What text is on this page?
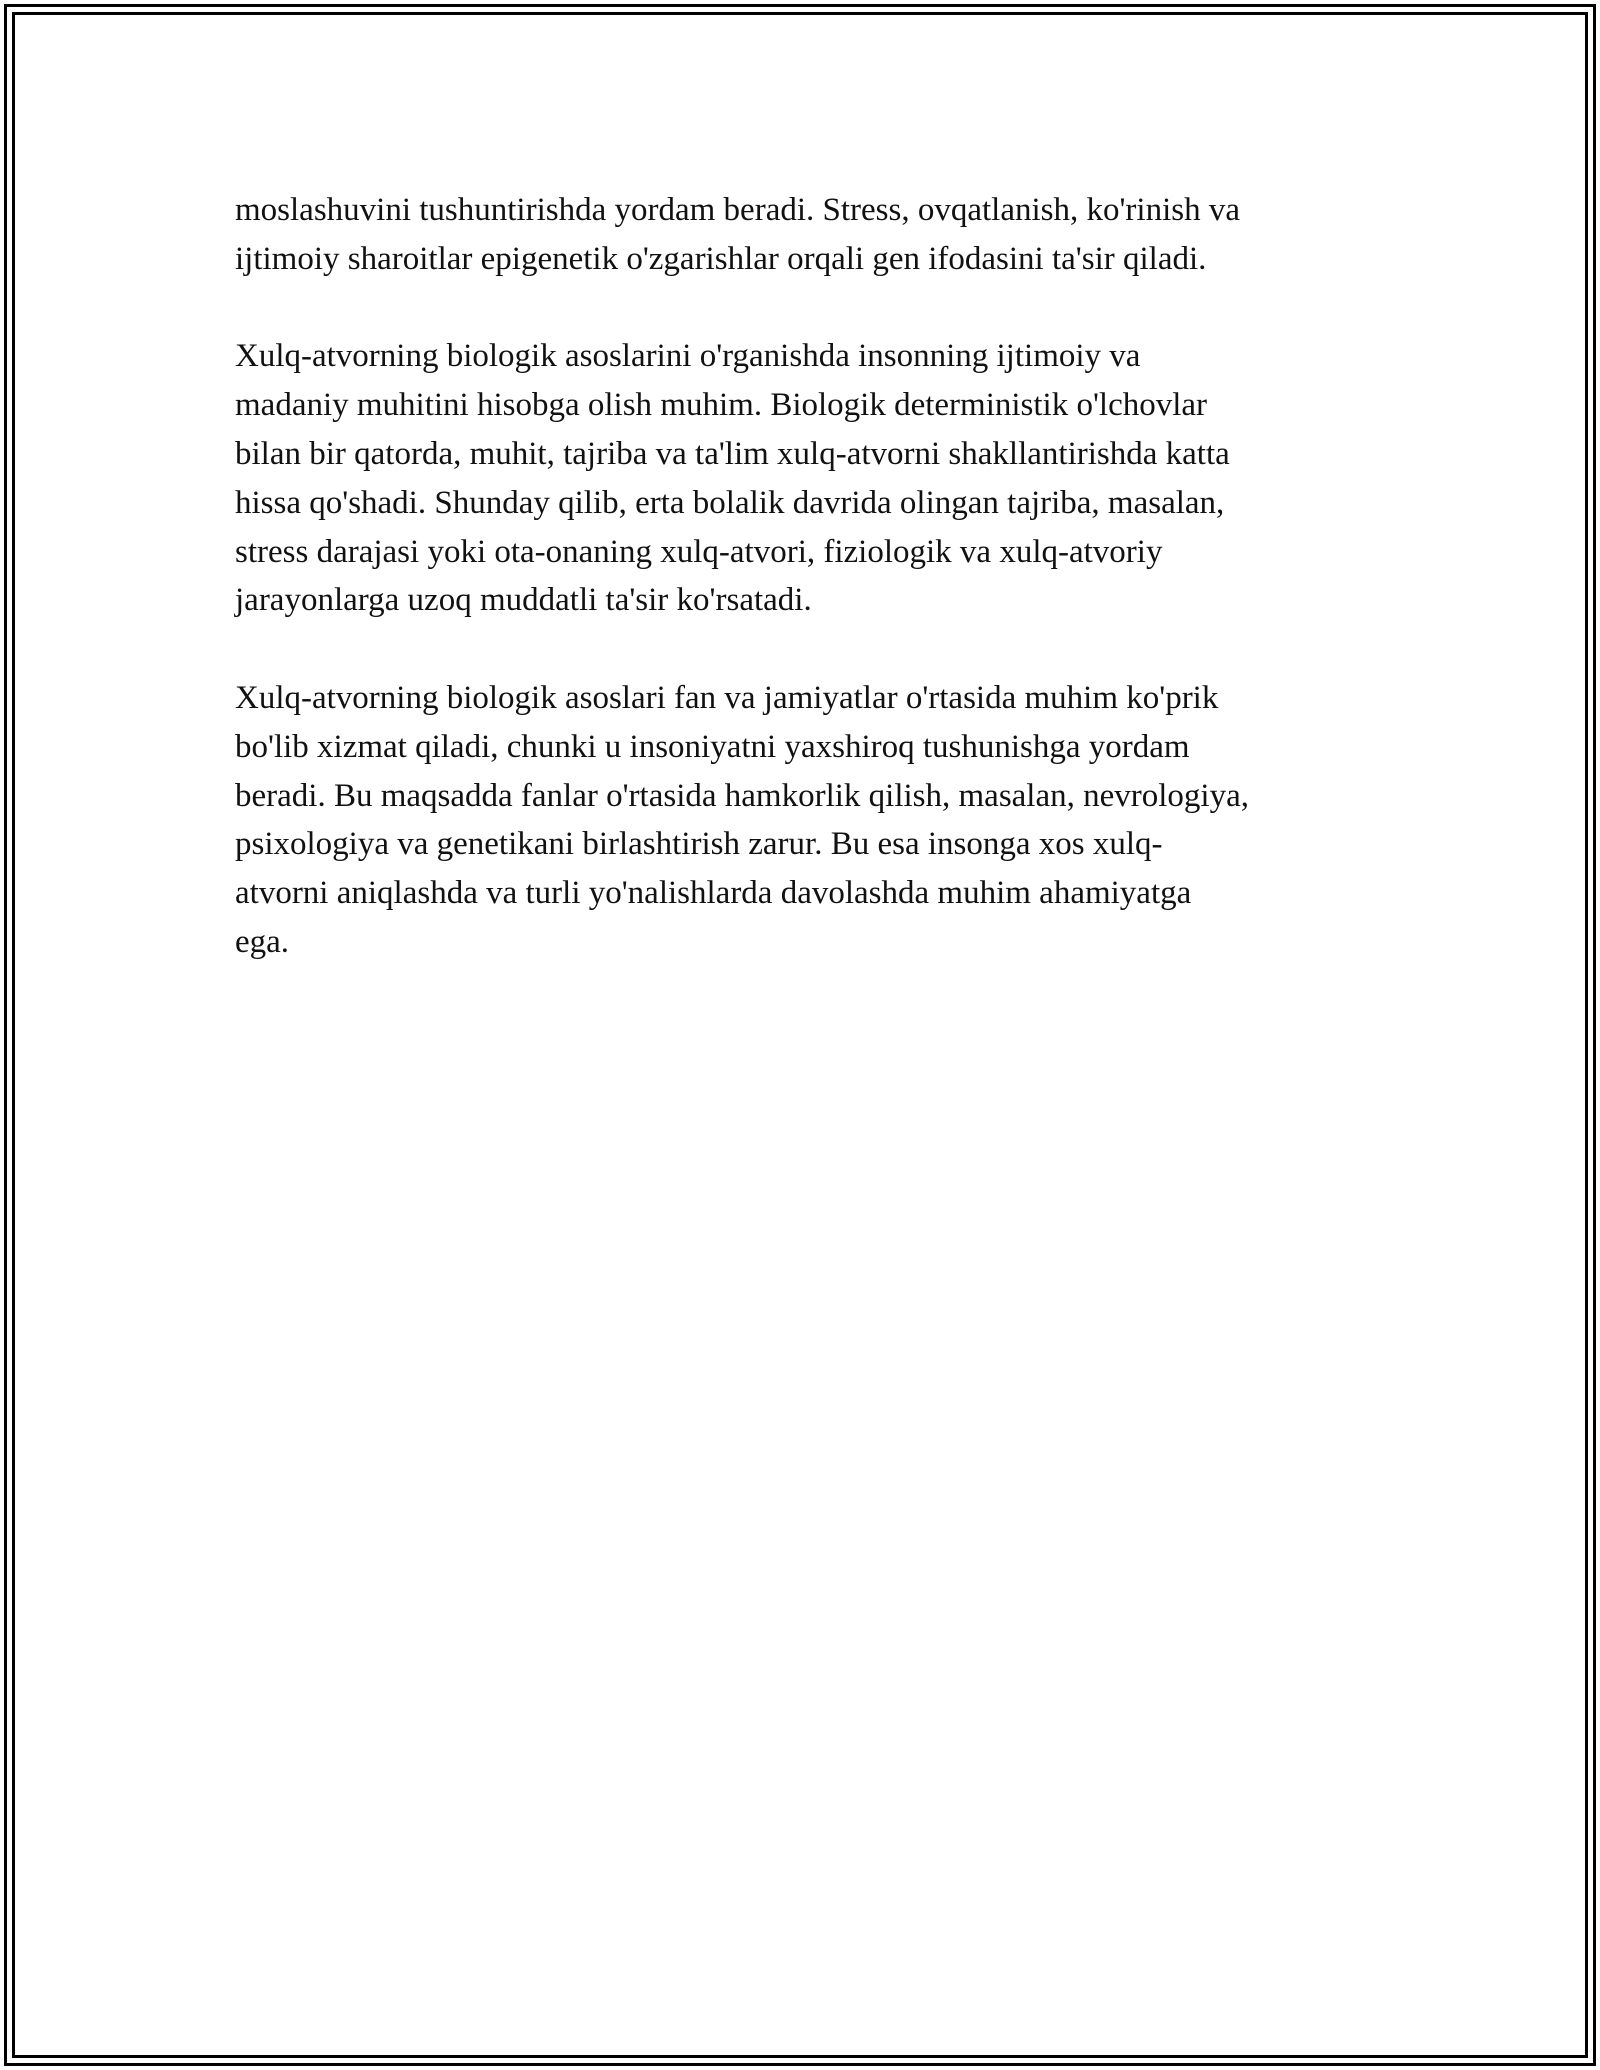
moslashuvini tushuntirishda yordam beradi. Stress, ovqatlanish, ko'rinish va
ijtimoiy sharoitlar epigenetik o'zgarishlar orqali gen ifodasini ta'sir qiladi.

Xulq-atvorning biologik asoslarini o'rganishda insonning ijtimoiy va
madaniy muhitini hisobga olish muhim. Biologik deterministik o'lchovlar
bilan bir qatorda, muhit, tajriba va ta'lim xulq-atvorni shakllantirishda katta
hissa qo'shadi. Shunday qilib, erta bolalik davrida olingan tajriba, masalan,
stress darajasi yoki ota-onaning xulq-atvori, fiziologik va xulq-atvoriy
jarayonlarga uzoq muddatli ta'sir ko'rsatadi.

Xulq-atvorning biologik asoslari fan va jamiyatlar o'rtasida muhim ko'prik
bo'lib xizmat qiladi, chunki u insoniyatni yaxshiroq tushunishga yordam
beradi. Bu maqsadda fanlar o'rtasida hamkorlik qilish, masalan, nevrologiya,
psixologiya va genetikani birlashtirish zarur. Bu esa insonga xos xulq-
atvorni aniqlashda va turli yo'nalishlarda davolashda muhim ahamiyatga
ega.
